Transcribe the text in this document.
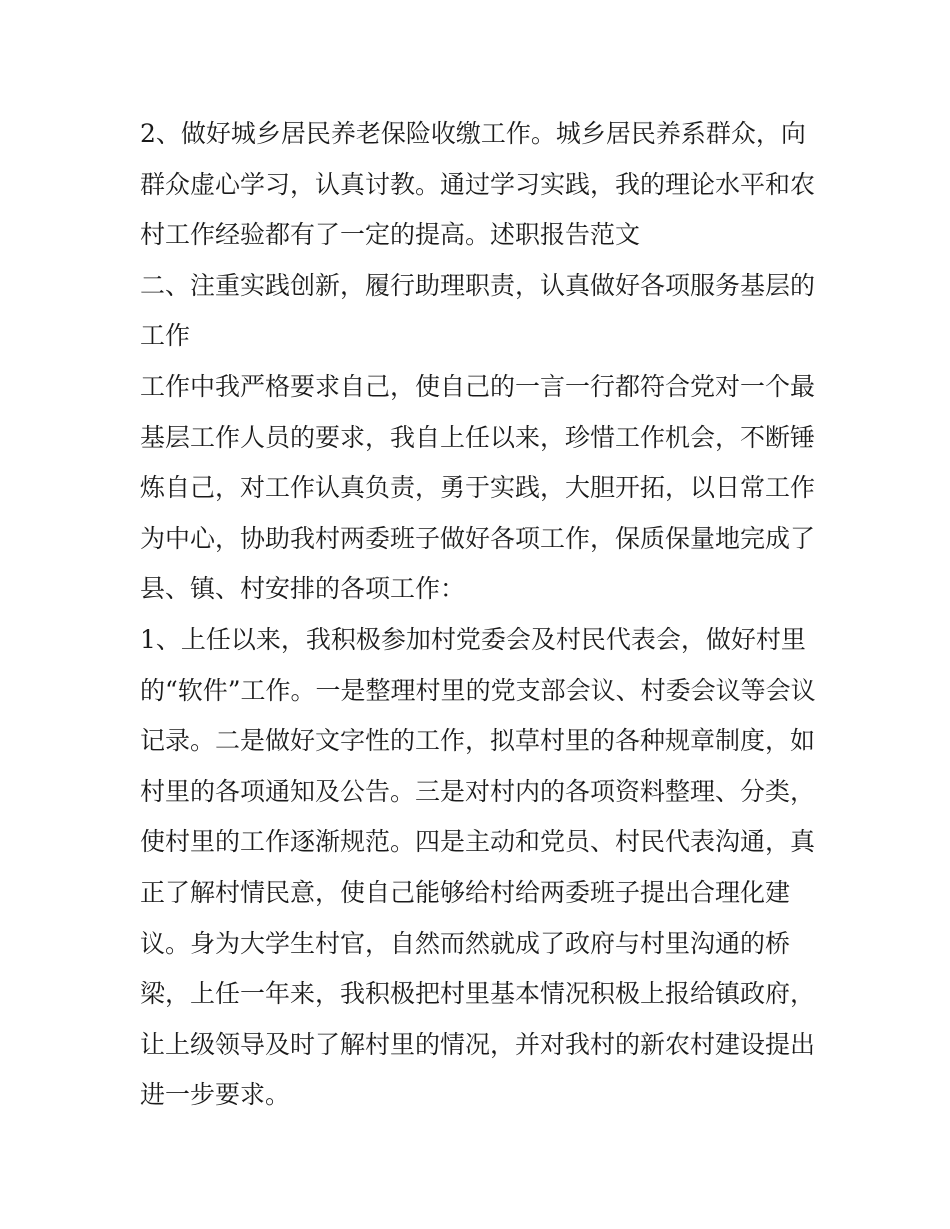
2、做好城乡居民养老保险收缴工作。城乡居民养系群众，向
群众虚心学习，认真讨教。通过学习实践，我的理论水平和农
村工作经验都有了一定的提高。述职报告范文
二、注重实践创新，履行助理职责，认真做好各项服务基层的
工作
工作中我严格要求自己，使自己的一言一行都符合党对一个最
基层工作人员的要求，我自上任以来，珍惜工作机会，不断锤
炼自己，对工作认真负责，勇于实践，大胆开拓，以日常工作
为中心，协助我村两委班子做好各项工作，保质保量地完成了
县、镇、村安排的各项工作：
1、上任以来，我积极参加村党委会及村民代表会，做好村里
的“软件”工作。一是整理村里的党支部会议、村委会议等会议
记录。二是做好文字性的工作，拟草村里的各种规章制度，如
村里的各项通知及公告。三是对村内的各项资料整理、分类，
使村里的工作逐渐规范。四是主动和党员、村民代表沟通，真
正了解村情民意，使自己能够给村给两委班子提出合理化建
议。身为大学生村官，自然而然就成了政府与村里沟通的桥
梁，上任一年来，我积极把村里基本情况积极上报给镇政府，
让上级领导及时了解村里的情况，并对我村的新农村建设提出
进一步要求。
